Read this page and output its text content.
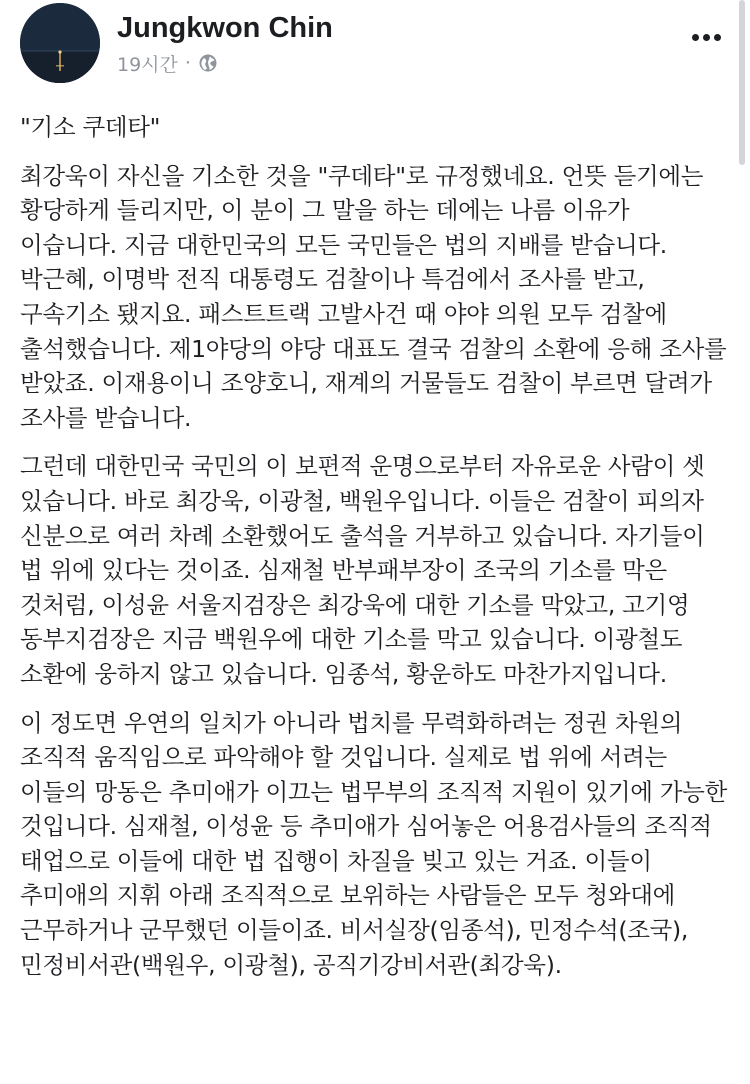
Jungkwon Chin
19시간 ·

"기소 쿠데타"

최강욱이 자신을 기소한 것을 "쿠데타"로 규정했네요. 언뜻 듣기에는 황당하게 들리지만, 이 분이 그 말을 하는 데에는 나름 이유가 이습니다. 지금 대한민국의 모든 국민들은 법의 지배를 받습니다. 박근혜, 이명박 전직 대통령도 검찰이나 특검에서 조사를 받고, 구속기소 됐지요. 패스트트랙 고발사건 때 야야 의원 모두 검찰에 출석했습니다. 제1야당의 야당 대표도 결국 검찰의 소환에 응해 조사를 받았죠. 이재용이니 조양호니, 재계의 거물들도 검찰이 부르면 달려가 조사를 받습니다.

그런데 대한민국 국민의 이 보편적 운명으로부터 자유로운 사람이 셋 있습니다. 바로 최강욱, 이광철, 백원우입니다. 이들은 검찰이 피의자 신분으로 여러 차례 소환했어도 출석을 거부하고 있습니다. 자기들이 법 위에 있다는 것이죠. 심재철 반부패부장이 조국의 기소를 막은 것처럼, 이성윤 서울지검장은 최강욱에 대한 기소를 막았고, 고기영 동부지검장은 지금 백원우에 대한 기소를 막고 있습니다. 이광철도 소환에 웅하지 않고 있습니다. 임종석, 황운하도 마찬가지입니다.

이 정도면 우연의 일치가 아니라 법치를 무력화하려는 정권 차원의 조직적 움직임으로 파악해야 할 것입니다. 실제로 법 위에 서려는 이들의 망동은 추미애가 이끄는 법무부의 조직적 지원이 있기에 가능한 것입니다. 심재철, 이성윤 등 추미애가 심어놓은 어용검사들의 조직적 태업으로 이들에 대한 법 집행이 차질을 빚고 있는 거죠. 이들이 추미애의 지휘 아래 조직적으로 보위하는 사람들은 모두 청와대에 근무하거나 군무했던 이들이죠. 비서실장(임종석), 민정수석(조국), 민정비서관(백원우, 이광철), 공직기강비서관(최강욱).
